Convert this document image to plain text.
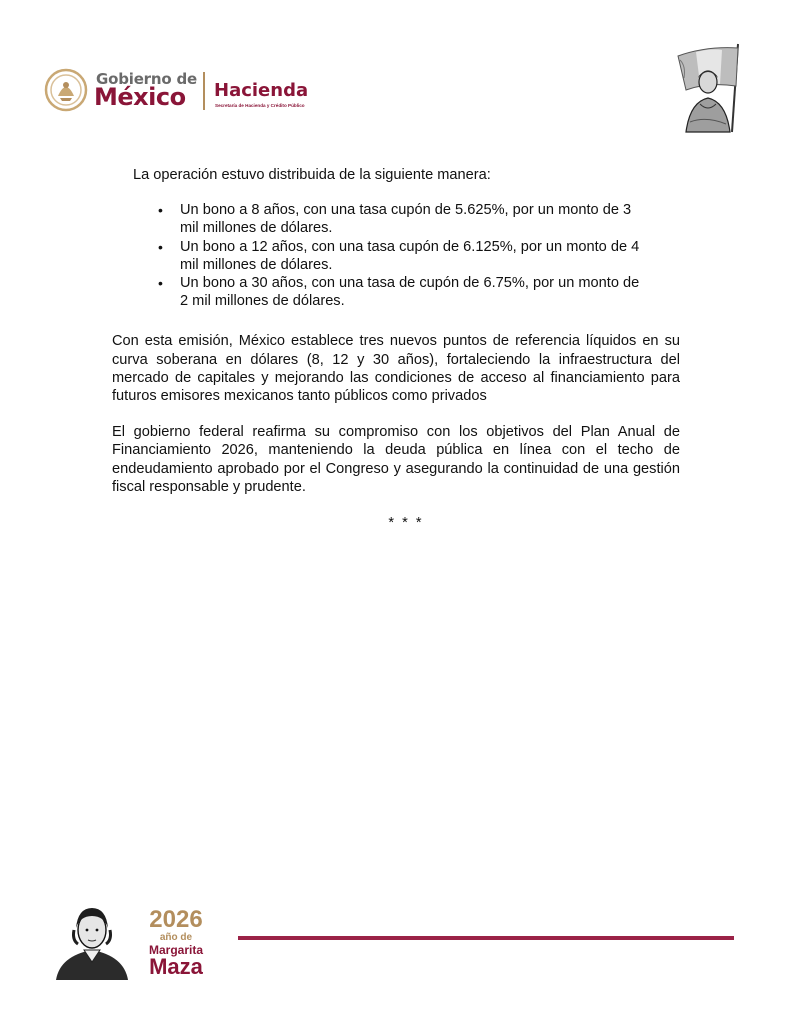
Gobierno de
México Hacienda
Secretaría de Hacienda y Crédito Público

La operación estuvo distribuida de la siguiente manera:

• Un bono a 8 años, con una tasa cupón de 5.625%, por un monto de 3 mil millones de dólares.
• Un bono a 12 años, con una tasa cupón de 6.125%, por un monto de 4 mil millones de dólares.
• Un bono a 30 años, con una tasa de cupón de 6.75%, por un monto de 2 mil millones de dólares.

Con esta emisión, México establece tres nuevos puntos de referencia líquidos en su curva soberana en dólares (8, 12 y 30 años), fortaleciendo la infraestructura del mercado de capitales y mejorando las condiciones de acceso al financiamiento para futuros emisores mexicanos tanto públicos como privados

El gobierno federal reafirma su compromiso con los objetivos del Plan Anual de Financiamiento 2026, manteniendo la deuda pública en línea con el techo de endeudamiento aprobado por el Congreso y asegurando la continuidad de una gestión fiscal responsable y prudente.

* * *
2026
año de
Margarita
Maza
